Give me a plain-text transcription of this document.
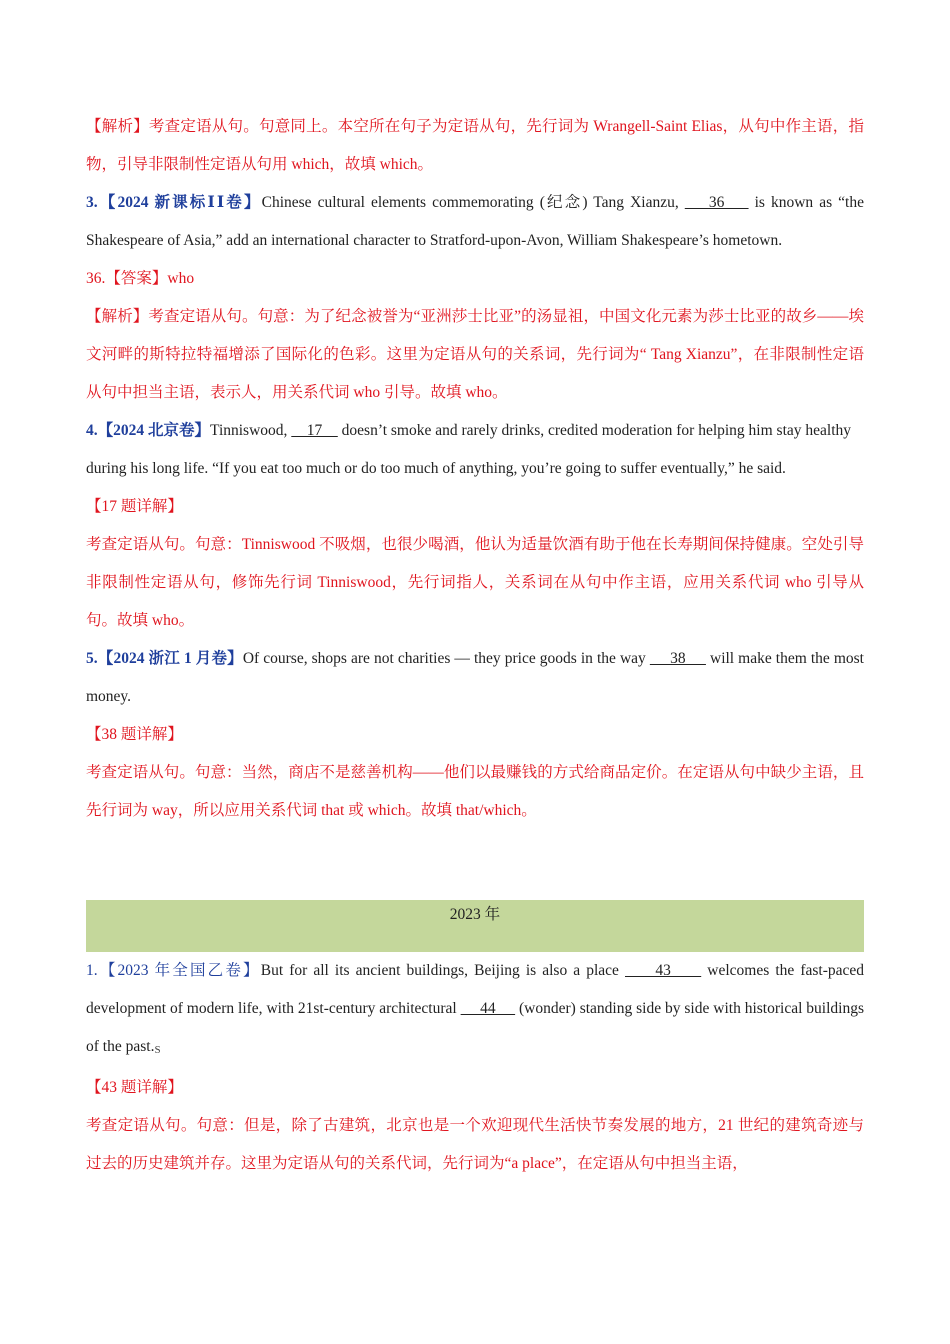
【解析】考查定语从句。句意同上。本空所在句子为定语从句，先行词为 Wrangell-Saint Elias，从句中作主语，指物，引导非限制性定语从句用 which，故填 which。

3.【2024 新课标ⅠⅠ卷】Chinese cultural elements commemorating (纪念) Tang Xianzu,     36     is known as “the Shakespeare of Asia,” add an international character to Stratford-upon-Avon, William Shakespeare’s hometown.

36.【答案】who

【解析】考查定语从句。句意：为了纪念被誉为“亚洲莎士比亚”的汤显祖，中国文化元素为莎士比亚的故乡——埃文河畔的斯特拉特福增添了国际化的色彩。这里为定语从句的关系词，先行词为“ Tang Xianzu”，在非限制性定语从句中担当主语，表示人，用关系代词 who 引导。故填 who。

4.【2024 北京卷】Tinniswood,     17     doesn’t smoke and rarely drinks, credited moderation for helping him stay healthy during his long life. “If you eat too much or do too much of anything, you’re going to suffer eventually,” he said.

【17 题详解】

考查定语从句。句意：Tinniswood 不吸烟，也很少喝酒，他认为适量饮酒有助于他在长寿期间保持健康。空处引导非限制性定语从句，修饰先行词 Tinniswood，先行词指人，关系词在从句中作主语，应用关系代词 who 引导从句。故填 who。

5.【2024 浙江 1 月卷】Of course, shops are not charities — they price goods in the way      38      will make them the most money.

【38 题详解】

考查定语从句。句意：当然，商店不是慈善机构——他们以最赚钱的方式给商品定价。在定语从句中缺少主语，且先行词为 way，所以应用关系代词 that 或 which。故填 that/which。

2023 年

1.【2023 年全国乙卷】But for all its ancient buildings, Beijing is also a place      43      welcomes the fast-paced development of modern life, with 21st-century architectural      44      (wonder) standing side by side with historical buildings of the past.S

【43 题详解】

考查定语从句。句意：但是，除了古建筑，北京也是一个欢迎现代生活快节奏发展的地方，21 世纪的建筑奇迹与过去的历史建筑并存。这里为定语从句的关系代词，先行词为“a place”，在定语从句中担当主语，
